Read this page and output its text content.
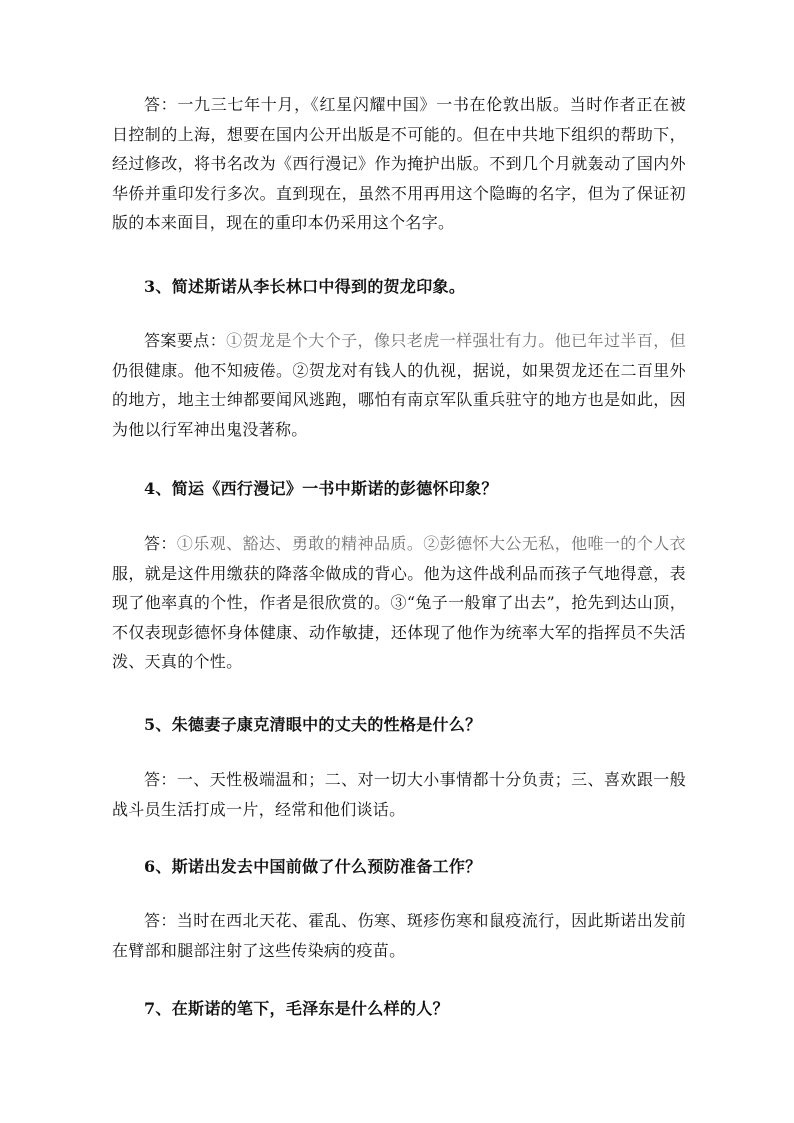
答：一九三七年十月，《红星闪耀中国》一书在伦敦出版。当时作者正在被日控制的上海，想要在国内公开出版是不可能的。但在中共地下组织的帮助下，经过修改，将书名改为《西行漫记》作为掩护出版。不到几个月就轰动了国内外华侨并重印发行多次。直到现在，虽然不用再用这个隐晦的名字，但为了保证初版的本来面目，现在的重印本仍采用这个名字。

3、简述斯诺从李长林口中得到的贺龙印象。

答案要点：①贺龙是个大个子，像只老虎一样强壮有力。他已年过半百，但仍很健康。他不知疲倦。②贺龙对有钱人的仇视，据说，如果贺龙还在二百里外的地方，地主士绅都要闻风逃跑，哪怕有南京军队重兵驻守的地方也是如此，因为他以行军神出鬼没著称。

4、简运《西行漫记》一书中斯诺的彭德怀印象？

答：①乐观、豁达、勇敢的精神品质。②彭德怀大公无私，他唯一的个人衣服，就是这件用缴获的降落伞做成的背心。他为这件战利品而孩子气地得意，表现了他率真的个性，作者是很欣赏的。③“兔子一般窜了出去”，抢先到达山顶，不仅表现彭德怀身体健康、动作敏捷，还体现了他作为统率大军的指挥员不失活泼、天真的个性。

5、朱德妻子康克清眼中的丈夫的性格是什么？

答：一、天性极端温和；二、对一切大小事情都十分负责；三、喜欢跟一般战斗员生活打成一片，经常和他们谈话。

6、斯诺出发去中国前做了什么预防准备工作？

答：当时在西北天花、霍乱、伤寒、斑疹伤寒和鼠疫流行，因此斯诺出发前在臂部和腿部注射了这些传染病的疫苗。

7、在斯诺的笔下，毛泽东是什么样的人？
